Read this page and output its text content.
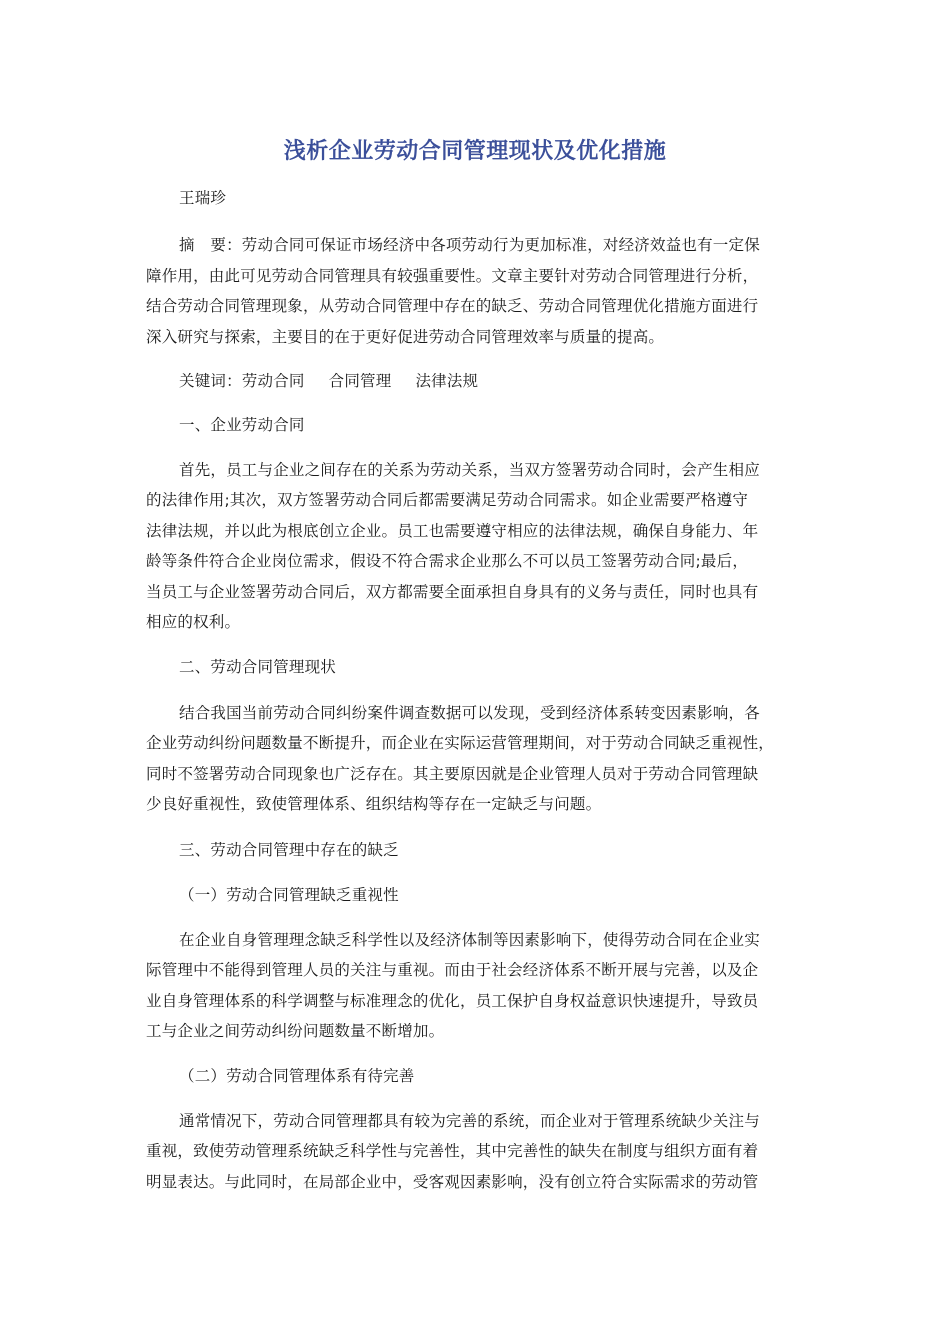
浅析企业劳动合同管理现状及优化措施
王瑞珍
摘　要：劳动合同可保证市场经济中各项劳动行为更加标准，对经济效益也有一定保
障作用，由此可见劳动合同管理具有较强重要性。文章主要针对劳动合同管理进行分析，
结合劳动合同管理现象，从劳动合同管理中存在的缺乏、劳动合同管理优化措施方面进行
深入研究与探索，主要目的在于更好促进劳动合同管理效率与质量的提高。
关键词：劳动合同 合同管理 法律法规
一、企业劳动合同
首先，员工与企业之间存在的关系为劳动关系，当双方签署劳动合同时，会产生相应
的法律作用;其次，双方签署劳动合同后都需要满足劳动合同需求。如企业需要严格遵守
法律法规，并以此为根底创立企业。员工也需要遵守相应的法律法规，确保自身能力、年
龄等条件符合企业岗位需求，假设不符合需求企业那么不可以员工签署劳动合同;最后，
当员工与企业签署劳动合同后，双方都需要全面承担自身具有的义务与责任，同时也具有
相应的权利。
二、劳动合同管理现状
结合我国当前劳动合同纠纷案件调查数据可以发现，受到经济体系转变因素影响，各
企业劳动纠纷问题数量不断提升，而企业在实际运营管理期间，对于劳动合同缺乏重视性，
同时不签署劳动合同现象也广泛存在。其主要原因就是企业管理人员对于劳动合同管理缺
少良好重视性，致使管理体系、组织结构等存在一定缺乏与问题。
三、劳动合同管理中存在的缺乏
（一）劳动合同管理缺乏重视性
在企业自身管理理念缺乏科学性以及经济体制等因素影响下，使得劳动合同在企业实
际管理中不能得到管理人员的关注与重视。而由于社会经济体系不断开展与完善，以及企
业自身管理体系的科学调整与标准理念的优化，员工保护自身权益意识快速提升，导致员
工与企业之间劳动纠纷问题数量不断增加。
（二）劳动合同管理体系有待完善
通常情况下，劳动合同管理都具有较为完善的系统，而企业对于管理系统缺少关注与
重视，致使劳动管理系统缺乏科学性与完善性，其中完善性的缺失在制度与组织方面有着
明显表达。与此同时，在局部企业中，受客观因素影响，没有创立符合实际需求的劳动管
